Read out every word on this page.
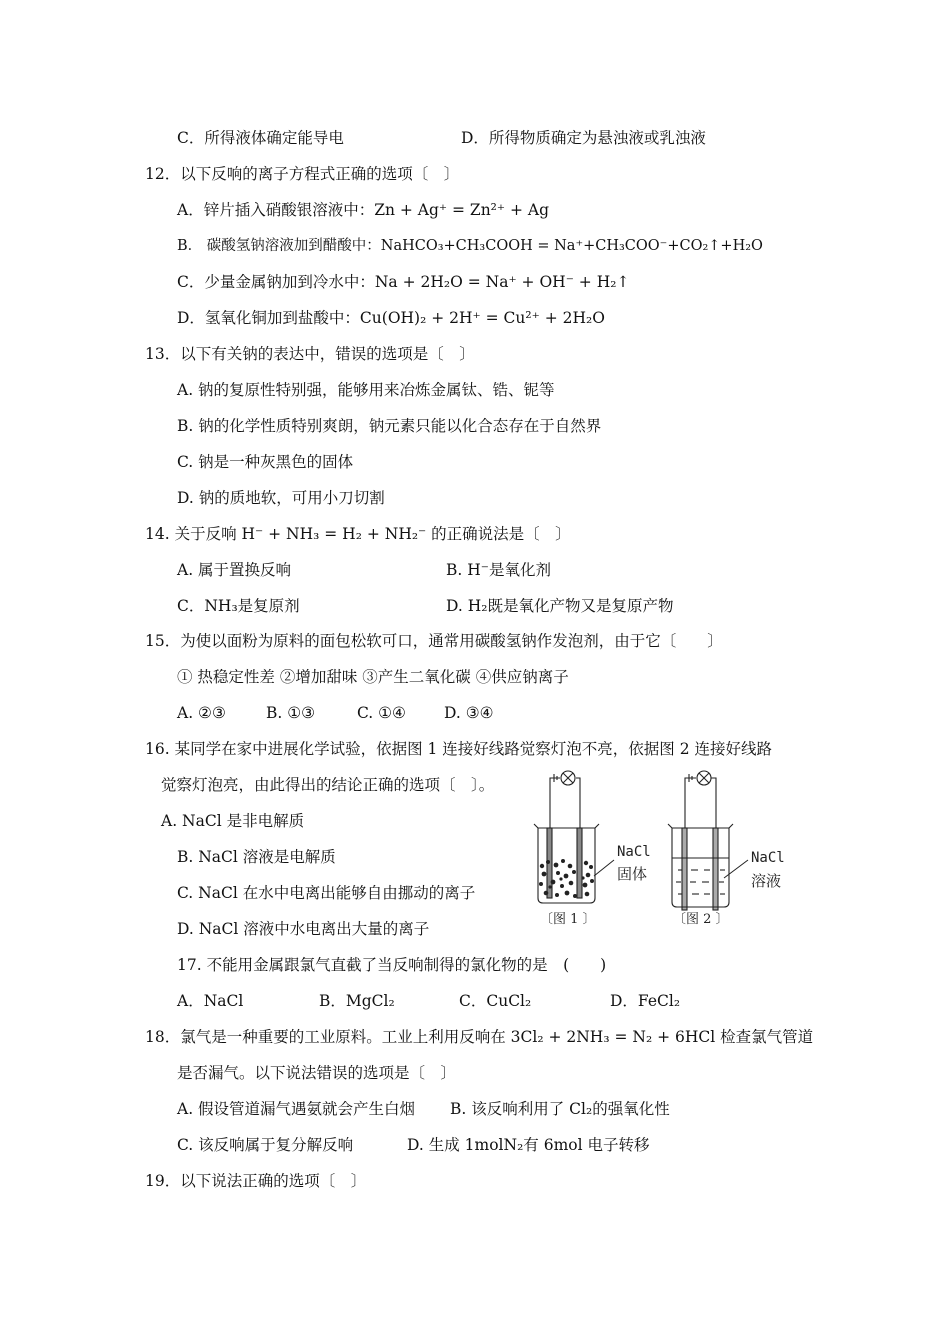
C．所得液体确定能导电	D．所得物质确定为悬浊液或乳浊液
12．以下反响的离子方程式正确的选项〔　〕
A．锌片插入硝酸银溶液中：Zn + Ag⁺ = Zn²⁺ + Ag
B． 碳酸氢钠溶液加到醋酸中：NaHCO₃+CH₃COOH = Na⁺+CH₃COO⁻+CO₂↑+H₂O
C．少量金属钠加到冷水中：Na + 2H₂O = Na⁺ + OH⁻ + H₂↑
D．氢氧化铜加到盐酸中：Cu(OH)₂ + 2H⁺ = Cu²⁺ + 2H₂O
13．以下有关钠的表达中，错误的选项是〔　〕
A. 钠的复原性特别强，能够用来冶炼金属钛、锆、铌等
B. 钠的化学性质特别爽朗，钠元素只能以化合态存在于自然界
C. 钠是一种灰黑色的固体
D. 钠的质地软，可用小刀切割
14. 关于反响 H⁻ + NH₃ = H₂ + NH₂⁻ 的正确说法是〔　〕
A. 属于置换反响	B. H⁻是氧化剂
C．NH₃是复原剂	D. H₂既是氧化产物又是复原产物
15．为使以面粉为原料的面包松软可口，通常用碳酸氢钠作发泡剂，由于它〔　　〕
① 热稳定性差 ②增加甜味 ③产生二氧化碳 ④供应钠离子
A. ②③	B. ①③	C. ①④ D. ③④
16. 某同学在家中进展化学试验，依据图 1 连接好线路觉察灯泡不亮，依据图 2 连接好线路
觉察灯泡亮，由此得出的结论正确的选项〔　〕。
A. NaCl 是非电解质
B. NaCl 溶液是电解质
C. NaCl 在水中电离出能够自由挪动的离子
D. NaCl 溶液中水电离出大量的离子
NaCl
固体
〔图 1 〕
NaCl
溶液
〔图 2 〕
17. 不能用金属跟氯气直截了当反响制得的氯化物的是　(　　)
A．NaCl	B．MgCl₂	C．CuCl₂	D．FeCl₂
18．氯气是一种重要的工业原料。工业上利用反响在 3Cl₂ + 2NH₃ = N₂ + 6HCl 检查氯气管道
是否漏气。以下说法错误的选项是〔　〕
A. 假设管道漏气遇氨就会产生白烟 B. 该反响利用了 Cl₂的强氧化性
C. 该反响属于复分解反响	D. 生成 1molN₂有 6mol 电子转移
19．以下说法正确的选项〔　〕
